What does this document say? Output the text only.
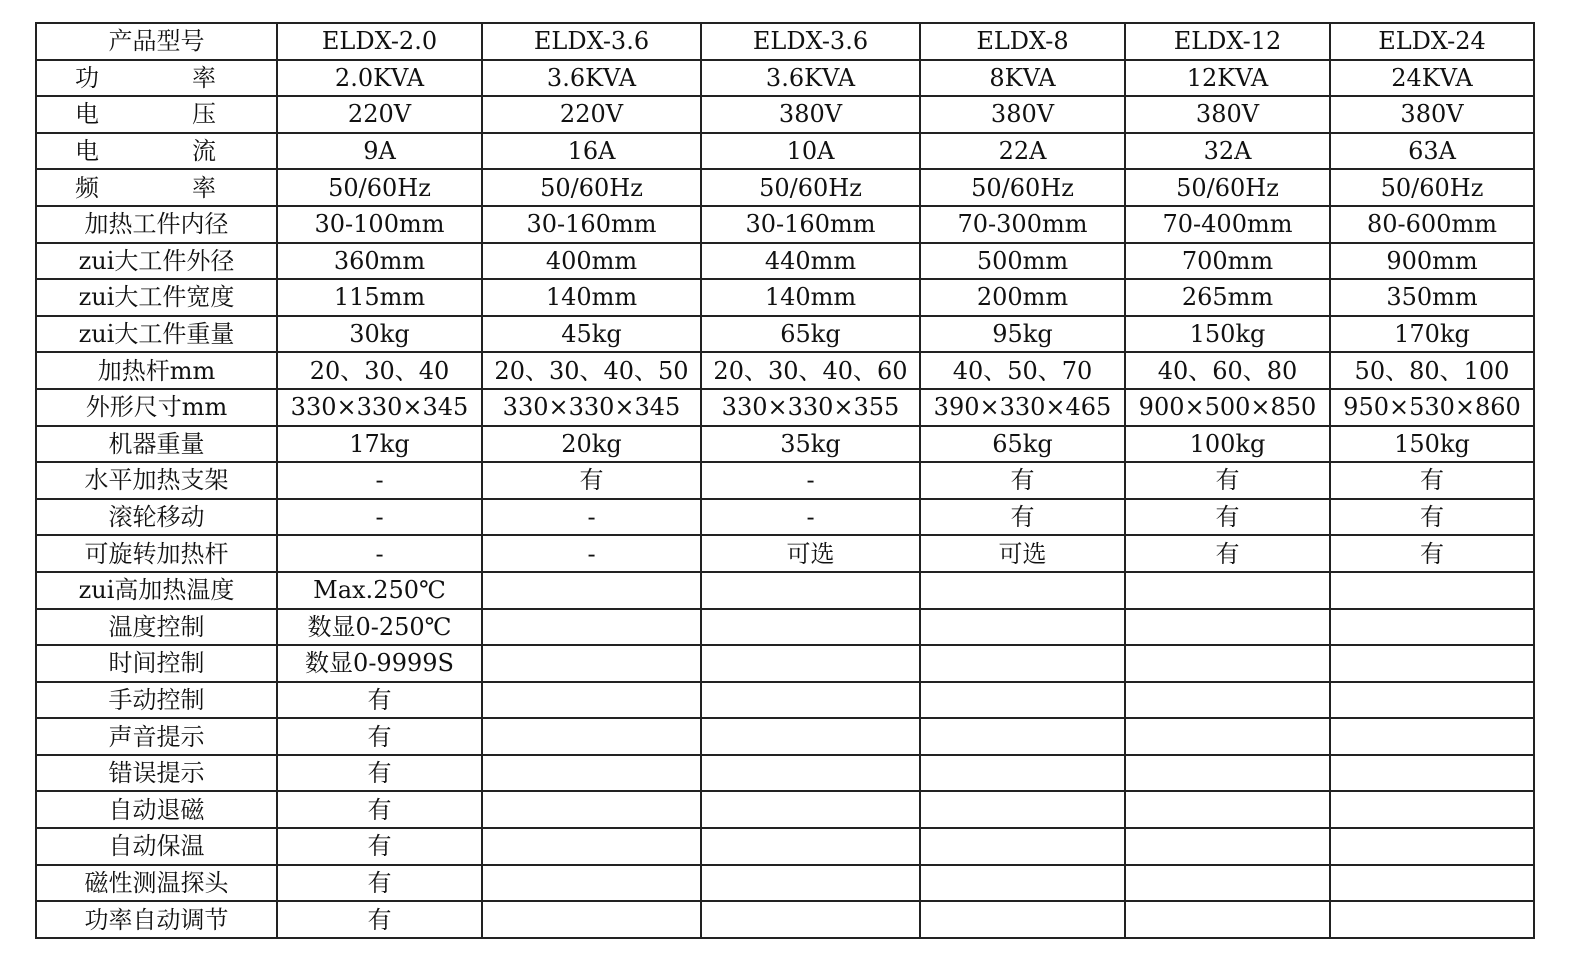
产品型号	ELDX-2.0	ELDX-3.6	ELDX-3.6	ELDX-8	ELDX-12	ELDX-24
功 率	2.0KVA	3.6KVA	3.6KVA	8KVA	12KVA	24KVA
电 压	220V	220V	380V	380V	380V	380V
电 流	9A	16A	10A	22A	32A	63A
频 率	50/60Hz	50/60Hz	50/60Hz	50/60Hz	50/60Hz	50/60Hz
加热工件内径	30-100mm	30-160mm	30-160mm	70-300mm	70-400mm	80-600mm
zui大工件外径	360mm	400mm	440mm	500mm	700mm	900mm
zui大工件宽度	115mm	140mm	140mm	200mm	265mm	350mm
zui大工件重量	30kg	45kg	65kg	95kg	150kg	170kg
加热杆mm	20、30、40	20、30、40、50	20、30、40、60	40、50、70	40、60、80	50、80、100
外形尺寸mm	330×330×345	330×330×345	330×330×355	390×330×465	900×500×850	950×530×860
机器重量	17kg	20kg	35kg	65kg	100kg	150kg
水平加热支架	-	有	-	有	有	有
滚轮移动	-	-	-	有	有	有
可旋转加热杆	-	-	可选	可选	有	有
zui高加热温度	Max.250℃					
温度控制	数显0-250℃					
时间控制	数显0-9999S					
手动控制	有					
声音提示	有					
错误提示	有					
自动退磁	有					
自动保温	有					
磁性测温探头	有					
功率自动调节	有					
